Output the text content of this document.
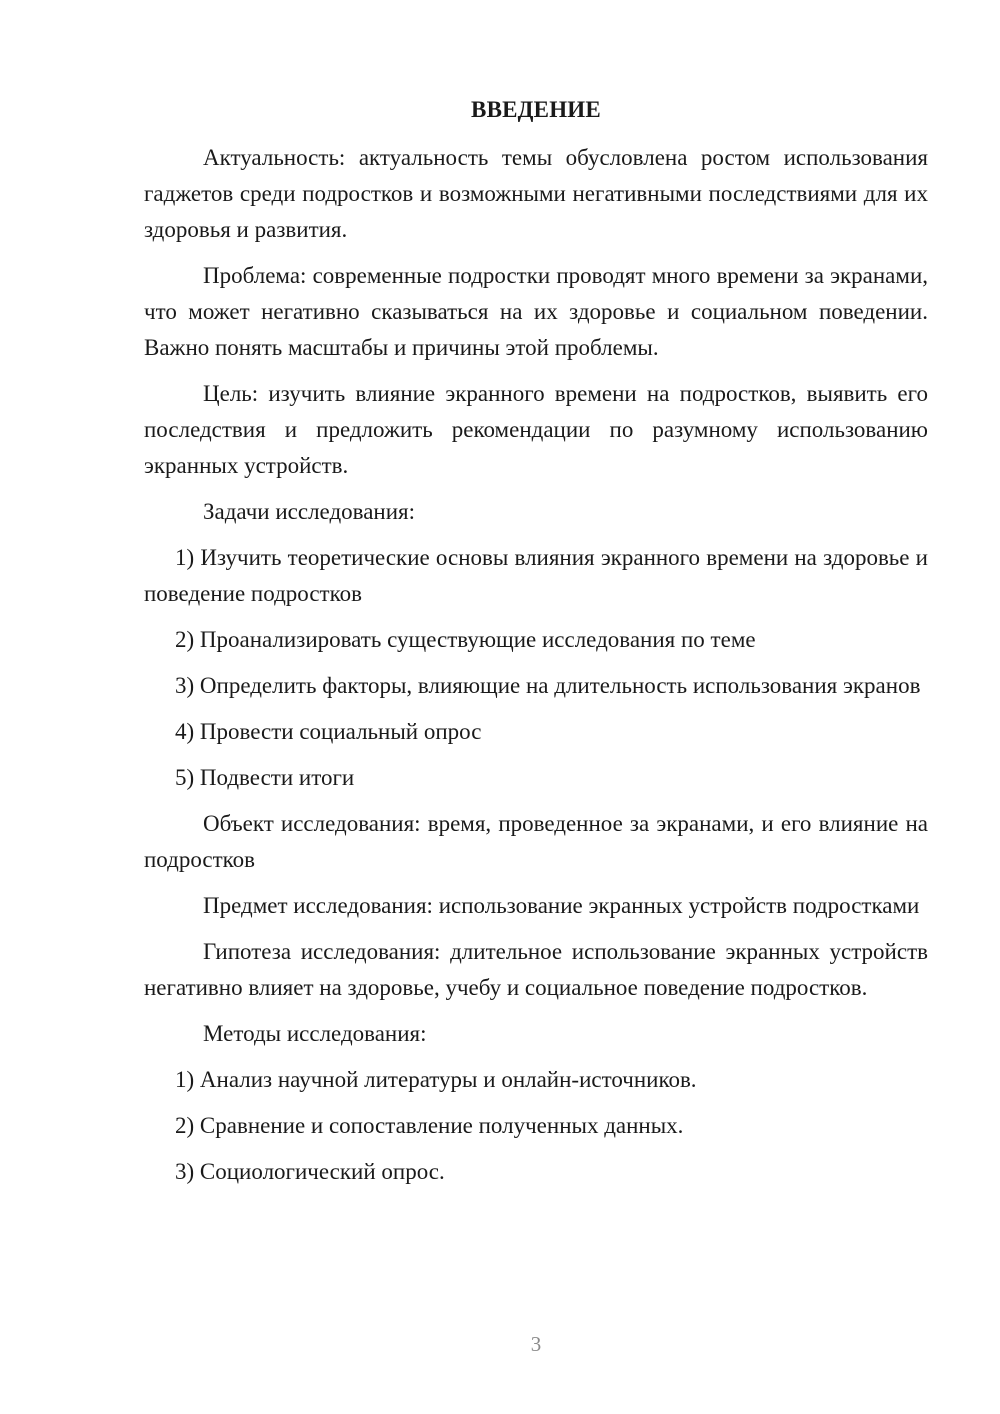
ВВЕДЕНИЕ
Актуальность: актуальность темы обусловлена ростом использования гаджетов среди подростков и возможными негативными последствиями для их здоровья и развития.
Проблема: современные подростки проводят много времени за экранами, что может негативно сказываться на их здоровье и социальном поведении. Важно понять масштабы и причины этой проблемы.
Цель: изучить влияние экранного времени на подростков, выявить его последствия и предложить рекомендации по разумному использованию экранных устройств.
Задачи исследования:
1) Изучить теоретические основы влияния экранного времени на здоровье и поведение подростков
2) Проанализировать существующие исследования по теме
3) Определить факторы, влияющие на длительность использования экранов
4) Провести социальный опрос
5) Подвести итоги
Объект исследования: время, проведенное за экранами, и его влияние на подростков
Предмет исследования: использование экранных устройств подростками
Гипотеза исследования: длительное использование экранных устройств негативно влияет на здоровье, учебу и социальное поведение подростков.
Методы исследования:
1) Анализ научной литературы и онлайн-источников.
2) Сравнение и сопоставление полученных данных.
3) Социологический опрос.
3
